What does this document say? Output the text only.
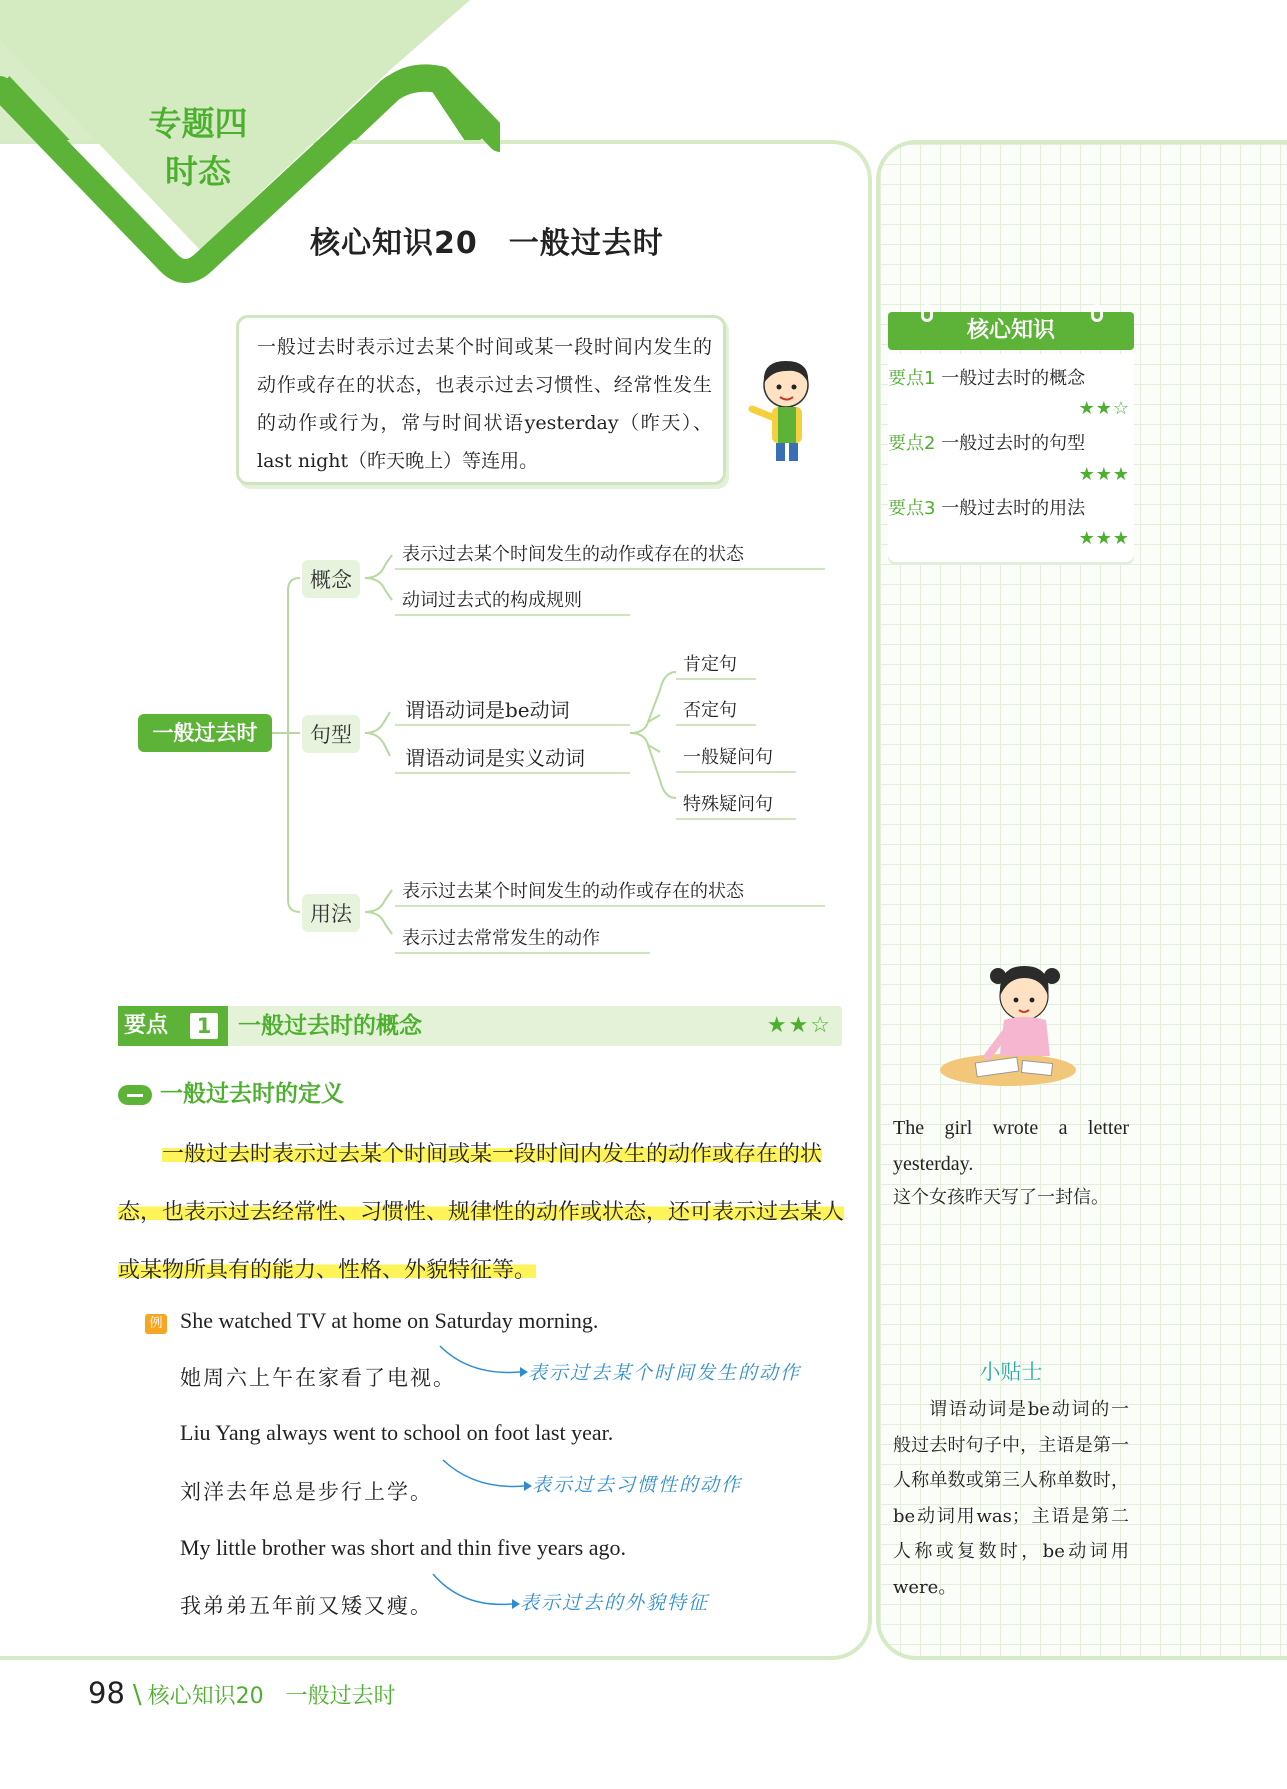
专题四
时态
核心知识20　一般过去时
一般过去时表示过去某个时间或某一段时间内发生的动作或存在的状态，也表示过去习惯性、经常性发生的动作或行为，常与时间状语yesterday（昨天）、last night（昨天晚上）等连用。
一般过去时
概念
句型
用法
表示过去某个时间发生的动作或存在的状态
动词过去式的构成规则
谓语动词是be动词
谓语动词是实义动词
肯定句
否定句
一般疑问句
特殊疑问句
表示过去某个时间发生的动作或存在的状态
表示过去常常发生的动作
要点	1 一般过去时的概念	★★☆
一般过去时的定义
一般过去时表示过去某个时间或某一段时间内发生的动作或存在的状态，也表示过去经常性、习惯性、规律性的动作或状态，还可表示过去某人或某物所具有的能力、性格、外貌特征等。
例 She watched TV at home on Saturday morning.
她周六上午在家看了电视。	表示过去某个时间发生的动作
Liu Yang always went to school on foot last year.
刘洋去年总是步行上学。	表示过去习惯性的动作
My little brother was short and thin five years ago.
我弟弟五年前又矮又瘦。	表示过去的外貌特征
核心知识
要点1 一般过去时的概念
★★☆
要点2 一般过去时的句型
★★★
要点3 一般过去时的用法
★★★
The girl wrote a letter yesterday.
这个女孩昨天写了一封信。
小贴士
谓语动词是be动词的一般过去时句子中，主语是第一人称单数或第三人称单数时，be动词用was；主语是第二人称或复数时，be动词用were。
98 \ 核心知识20　一般过去时
